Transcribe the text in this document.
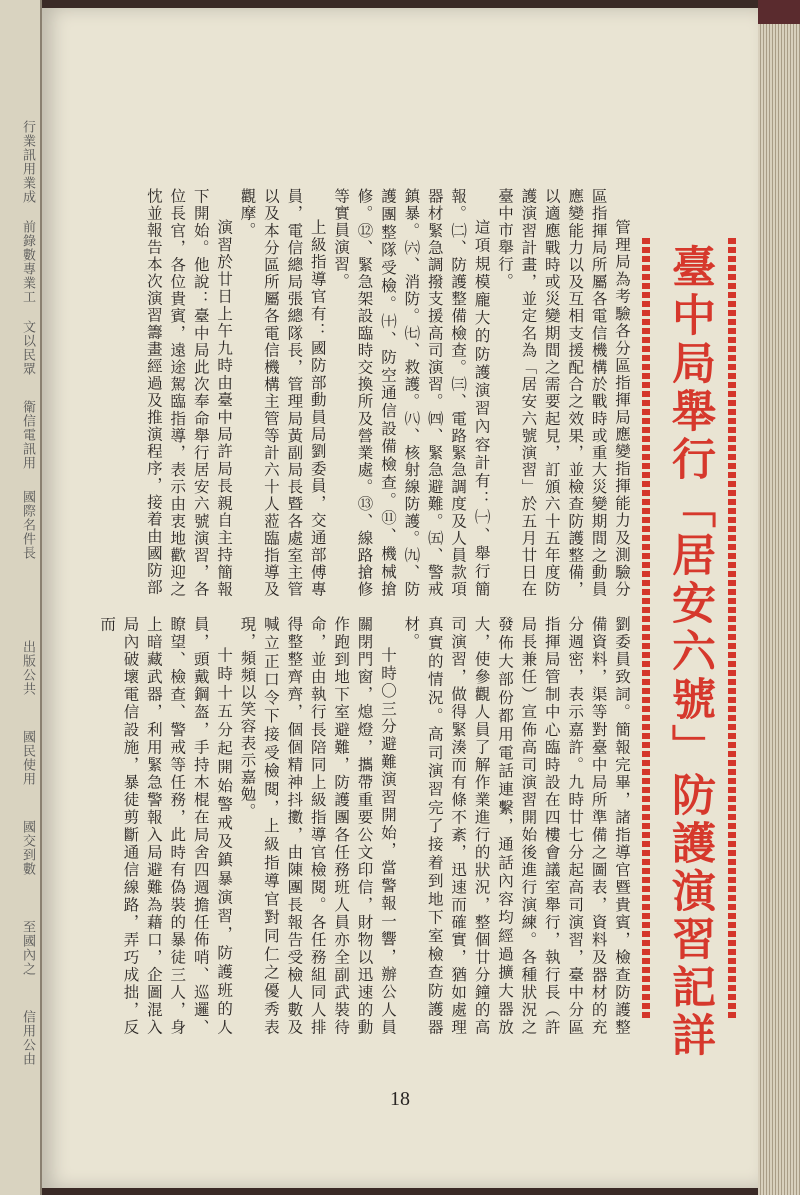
行業訊用業成
前錄數專業工
文以民眾
衛信電訊用
國際名件長
出版公共
國民使用
國交到數
至國內之
信用公由	臺中局舉行「居安六號」防護演習記詳

管理局為考驗各分區指揮局應變指揮能力及測驗分區指揮局所屬各電信機構於戰時或重大災變期間之動員應變能力以及互相支援配合之效果，並檢查防護整備，以適應戰時或災變期間之需要起見，訂頒六十五年度防護演習計畫，並定名為「居安六號演習」於五月廿日在臺中市舉行。

這項規模龐大的防護演習內容計有：㈠、舉行簡報。㈡、防護整備檢查。㈢、電路緊急調度及人員款項器材緊急調撥支援高司演習。㈣、緊急避難。㈤、警戒鎮暴。㈥、消防。㈦、救護。㈧、核射線防護。㈨、防護團整隊受檢。㈩、防空通信設備檢查。⑪、機械搶修。⑫、緊急架設臨時交換所及營業處。⑬、線路搶修等實員演習。

上級指導官有：國防部動員局劉委員，交通部傅專員，電信總局張總隊長，管理局黃副局長暨各處室主管以及本分區所屬各電信機構主管等計六十人蒞臨指導及觀摩。

演習於廿日上午九時由臺中局許局長親自主持簡報下開始。他說：臺中局此次奉命舉行居安六號演習，各位長官，各位貴賓，遠途駕臨指導，表示由衷地歡迎之忱並報告本次演習籌畫經過及推演程序，接着由國防部

劉委員致詞。簡報完畢，諸指導官暨貴賓，檢查防護整備資料，渠等對臺中局所準備之圖表，資料及器材的充分週密，表示嘉許。九時廿七分起高司演習，臺中分區指揮局管制中心臨時設在四樓會議室舉行，執行長（許局長兼任）宣佈高司演習開始後進行演練。各種狀況之發佈大部份都用電話連繫，通話內容均經過擴大器放大，使參觀人員了解作業進行的狀況，整個廿分鐘的高司演習，做得緊湊而有條不紊，迅速而確實，猶如處理真實的情況。高司演習完了接着到地下室檢查防護器材。

十時〇三分避難演習開始，當警報一響，辦公人員關閉門窗，熄燈，攜帶重要公文印信，財物以迅速的動作跑到地下室避難，防護團各任務班人員亦全副武裝待命，並由執行長陪同上級指導官檢閱。各任務組同人排得整整齊齊，個個精神抖擻，由陳團長報告受檢人數及喊立正口令下接受檢閱，上級指導官對同仁之優秀表現，頻頻以笑容表示嘉勉。

十時十五分起開始警戒及鎮暴演習，防護班的人員，頭戴鋼盔，手持木棍在局舍四週擔任佈哨、巡邏、瞭望、檢查、警戒等任務，此時有偽裝的暴徒三人，身上暗藏武器，利用緊急警報入局避難為藉口，企圖混入局內破壞電信設施，暴徒剪斷通信線路，弄巧成拙，反而

18
